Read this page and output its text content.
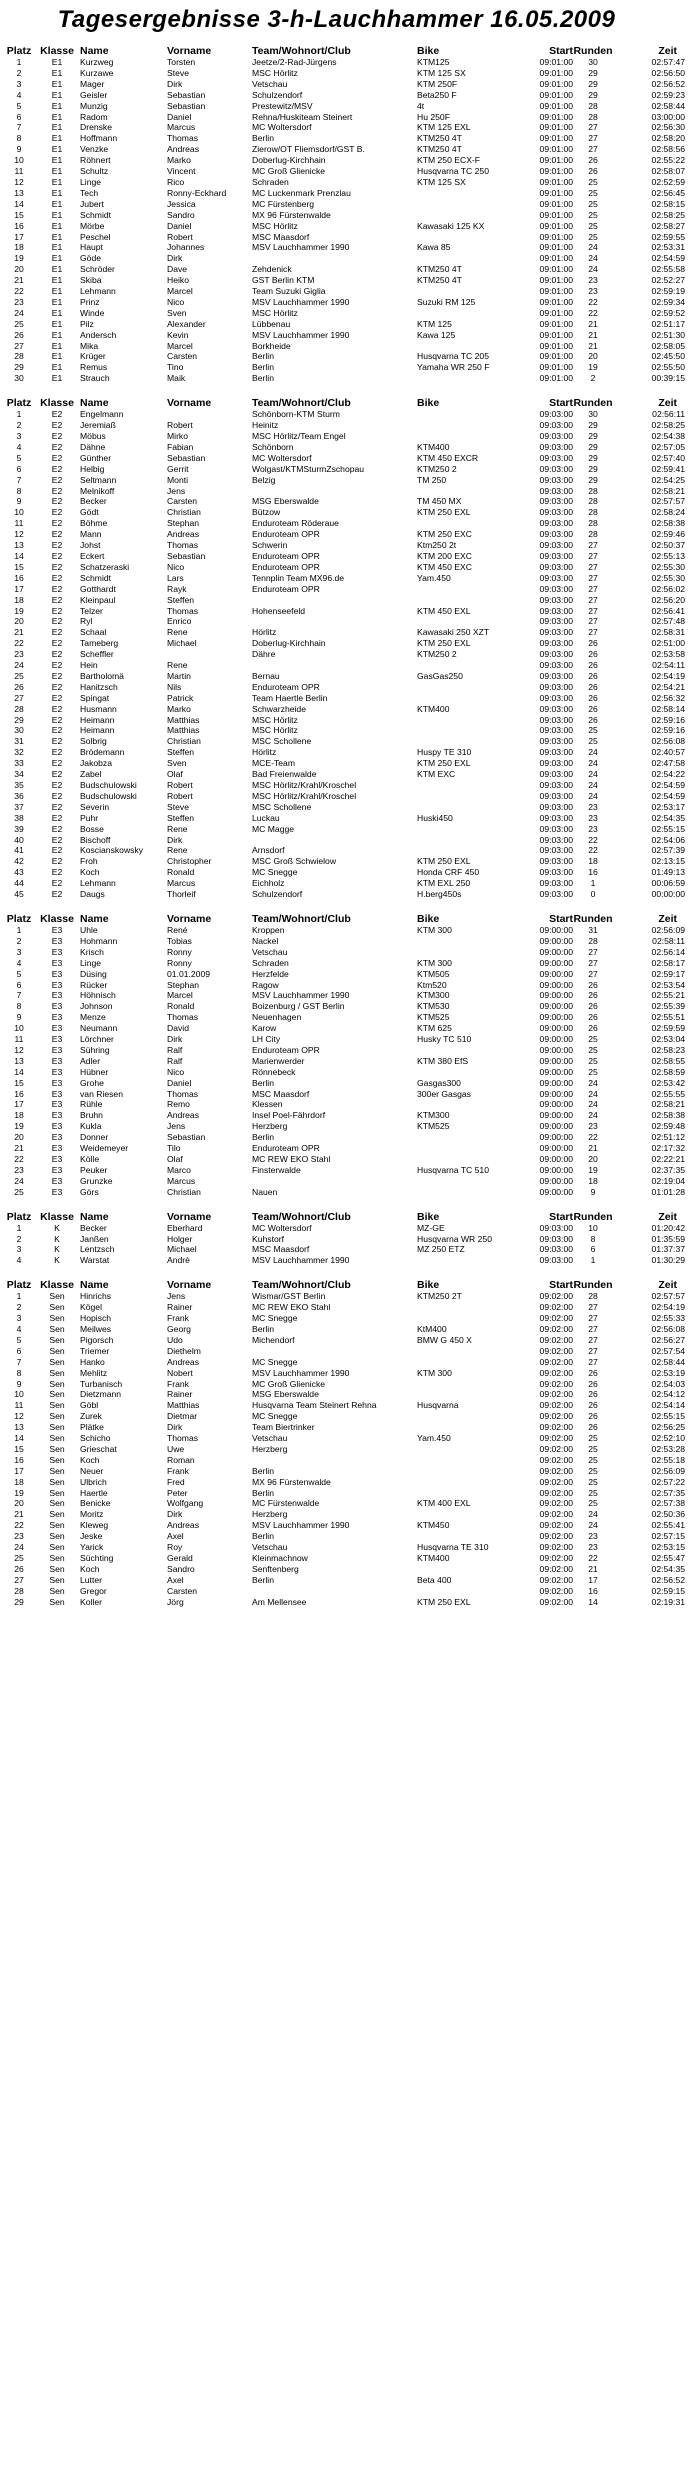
Tagesergebnisse 3-h-Lauchhammer 16.05.2009
Platz	Klasse	Name	Vorname	Team/Wohnort/Club	Bike	Start	Runden	Zeit
1	E1	Kurzweg	Torsten	Jeetze/2-Rad-Jürgens	KTM125	09:01:00	30	02:57:47
2	E1	Kurzawe	Steve	MSC Hörlitz	KTM 125 SX	09:01:00	29	02:56:50
3	E1	Mager	Dirk	Vetschau	KTM 250F	09:01:00	29	02:56:52
4	E1	Geisler	Sebastian	Schulzendorf	Beta250 F	09:01:00	29	02:59:23
5	E1	Munzig	Sebastian	Prestewitz/MSV	4t	09:01:00	28	02:58:44
6	E1	Radom	Daniel	Rehna/Huskiteam Steinert	Hu 250F	09:01:00	28	03:00:00
7	E1	Drenske	Marcus	MC Woltersdorf	KTM 125 EXL	09:01:00	27	02:56:30
8	E1	Hoffmann	Thomas	Berlin	KTM250 4T	09:01:00	27	02:58:20
9	E1	Venzke	Andreas	Zierow/OT Fliemsdorf/GST B.	KTM250 4T	09:01:00	27	02:58:56
10	E1	Röhnert	Marko	Doberlug-Kirchhain	KTM 250 ECX-F	09:01:00	26	02:55:22
11	E1	Schultz	Vincent	MC Groß Glienicke	Husqvarna TC 250	09:01:00	26	02:58:07
12	E1	Linge	Rico	Schraden	KTM 125 SX	09:01:00	25	02:52:59
13	E1	Tech	Ronny-Eckhard	MC Luckenmark Prenzlau		09:01:00	25	02:56:45
14	E1	Jubert	Jessica	MC Fürstenberg		09:01:00	25	02:58:15
15	E1	Schmidt	Sandro	MX 96 Fürstenwalde		09:01:00	25	02:58:25
16	E1	Mörbe	Daniel	MSC Hörlitz	Kawasaki 125 KX	09:01:00	25	02:58:27
17	E1	Peschel	Robert	MSC Maasdorf		09:01:00	25	02:59:55
18	E1	Haupt	Johannes	MSV Lauchhammer 1990	Kawa 85	09:01:00	24	02:53:31
19	E1	Göde	Dirk			09:01:00	24	02:54:59
20	E1	Schröder	Dave	Zehdenick	KTM250 4T	09:01:00	24	02:55:58
21	E1	Skiba	Heiko	GST Berlin KTM	KTM250 4T	09:01:00	23	02:52:27
22	E1	Lehmann	Marcel	Team Suzuki Giglia		09:01:00	23	02:59:19
23	E1	Prinz	Nico	MSV Lauchhammer 1990	Suzuki RM 125	09:01:00	22	02:59:34
24	E1	Winde	Sven	MSC Hörlitz		09:01:00	22	02:59:52
25	E1	Pilz	Alexander	Lübbenau	KTM 125	09:01:00	21	02:51:17
26	E1	Andersch	Kevin	MSV Lauchhammer 1990	Kawa 125	09:01:00	21	02:51:30
27	E1	Mika	Marcel	Borkheide		09:01:00	21	02:58:05
28	E1	Krüger	Carsten	Berlin	Husqvarna TC 205	09:01:00	20	02:45:50
29	E1	Remus	Tino	Berlin	Yamaha WR 250 F	09:01:00	19	02:55:50
30	E1	Strauch	Maik	Berlin		09:01:00	2	00:39:15
Platz	Klasse	Name	Vorname	Team/Wohnort/Club	Bike	Start	Runden	Zeit
1	E2	Engelmann		Schönborn-KTM Sturm		09:03:00	30	02:56:11
2	E2	Jeremiaß	Robert	Heinitz		09:03:00	29	02:58:25
3	E2	Möbus	Mirko	MSC Hörlitz/Team Engel		09:03:00	29	02:54:38
4	E2	Dähne	Fabian	Schönborn	KTM400	09:03:00	29	02:57:05
5	E2	Günther	Sebastian	MC Woltersdorf	KTM 450 EXCR	09:03:00	29	02:57:40
6	E2	Helbig	Gerrit	Wolgast/KTMSturmZschopau	KTM250 2	09:03:00	29	02:59:41
7	E2	Seltmann	Monti	Belzig	TM 250	09:03:00	29	02:54:25
8	E2	Melnikoff	Jens			09:03:00	28	02:58:21
9	E2	Becker	Carsten	MSG Eberswalde	TM 450 MX	09:03:00	28	02:57:57
10	E2	Gödt	Christian	Bützow	KTM 250 EXL	09:03:00	28	02:58:24
11	E2	Böhme	Stephan	Enduroteam Röderaue		09:03:00	28	02:58:38
12	E2	Mann	Andreas	Enduroteam OPR	KTM 250 EXC	09:03:00	28	02:59:46
13	E2	Johst	Thomas	Schwerin	Ktm250 2t	09:03:00	27	02:50:37
14	E2	Eckert	Sebastian	Enduroteam OPR	KTM 200 EXC	09:03:00	27	02:55:13
15	E2	Schatzeraski	Nico	Enduroteam OPR	KTM 450 EXC	09:03:00	27	02:55:30
16	E2	Schmidt	Lars	Tennplin Team MX96.de	Yam.450	09:03:00	27	02:55:30
17	E2	Gotthardt	Rayk	Enduroteam OPR		09:03:00	27	02:56:02
18	E2	Kleinpaul	Steffen			09:03:00	27	02:56:20
19	E2	Telzer	Thomas	Hohenseefeld	KTM 450 EXL	09:03:00	27	02:56:41
20	E2	Ryl	Enrico			09:03:00	27	02:57:48
21	E2	Schaal	Rene	Hörlitz	Kawasaki 250 XZT	09:03:00	27	02:58:31
22	E2	Tameberg	Michael	Doberlug-Kirchhain	KTM 250 EXL	09:03:00	26	02:51:00
23	E2	Scheffler		Dähre	KTM250 2	09:03:00	26	02:53:58
24	E2	Hein	Rene			09:03:00	26	02:54:11
25	E2	Bartholomä	Martin	Bernau	GasGas250	09:03:00	26	02:54:19
26	E2	Hanitzsch	Nils	Enduroteam OPR		09:03:00	26	02:54:21
27	E2	Spingat	Patrick	Team Haertle Berlin		09:03:00	26	02:56:32
28	E2	Husmann	Marko	Schwarzheide	KTM400	09:03:00	26	02:58:14
29	E2	Heimann	Matthias	MSC Hörlitz		09:03:00	26	02:59:16
30	E2	Heimann	Matthias	MSC Hörlitz		09:03:00	25	02:59:16
31	E2	Solbrig	Christian	MSC Schollene		09:03:00	25	02:56:08
32	E2	Brödemann	Steffen	Hörlitz	Huspy TE 310	09:03:00	24	02:40:57
33	E2	Jakobza	Sven	MCE-Team	KTM 250 EXL	09:03:00	24	02:47:58
34	E2	Zabel	Olaf	Bad Freienwalde	KTM EXC	09:03:00	24	02:54:22
35	E2	Budschulowski	Robert	MSC Hörlitz/Krahl/Kroschel		09:03:00	24	02:54:59
36	E2	Budschulowski	Robert	MSC Hörlitz/Krahl/Kroschel		09:03:00	24	02:54:59
37	E2	Severin	Steve	MSC Schollene		09:03:00	23	02:53:17
38	E2	Puhr	Steffen	Luckau	Huski450	09:03:00	23	02:54:35
39	E2	Bosse	Rene	MC Magge		09:03:00	23	02:55:15
40	E2	Bischoff	Dirk			09:03:00	22	02:54:06
41	E2	Koscianskowsky	Rene	Arnsdorf		09:03:00	22	02:57:39
42	E2	Froh	Christopher	MSC Groß Schwielow	KTM 250 EXL	09:03:00	18	02:13:15
43	E2	Koch	Ronald	MC Snegge	Honda CRF 450	09:03:00	16	01:49:13
44	E2	Lehmann	Marcus	Eichholz	KTM EXL 250	09:03:00	1	00:06:59
45	E2	Daugs	Thorleif	Schulzendorf	H.berg450s	09:03:00	0	00:00:00
Platz	Klasse	Name	Vorname	Team/Wohnort/Club	Bike	Start	Runden	Zeit
1	E3	Uhle	René	Kroppen	KTM 300	09:00:00	31	02:56:09
2	E3	Hohmann	Tobias	Nackel		09:00:00	28	02:58:11
3	E3	Krisch	Ronny	Vetschau		09:00:00	27	02:56:14
4	E3	Linge	Ronny	Schraden	KTM 300	09:00:00	27	02:58:17
5	E3	Düsing	01.01.2009	Herzfelde	KTM505	09:00:00	27	02:59:17
6	E3	Rücker	Stephan	Ragow	Ktm520	09:00:00	26	02:53:54
7	E3	Höhnisch	Marcel	MSV Lauchhammer 1990	KTM300	09:00:00	26	02:55:21
8	E3	Johnson	Ronald	Boizenburg / GST Berlin	KTM530	09:00:00	26	02:55:39
9	E3	Menze	Thomas	Neuenhagen	KTM525	09:00:00	26	02:55:51
10	E3	Neumann	David	Karow	KTM 625	09:00:00	26	02:59:59
11	E3	Lörchner	Dirk	LH City	Husky TC 510	09:00:00	25	02:53:04
12	E3	Sühring	Ralf	Enduroteam OPR		09:00:00	25	02:58:23
13	E3	Adler	Ralf	Marienwerder	KTM 380 EfS	09:00:00	25	02:58:55
14	E3	Hübner	Nico	Rönnebeck		09:00:00	25	02:58:59
15	E3	Grohe	Daniel	Berlin	Gasgas300	09:00:00	24	02:53:42
16	E3	van Riesen	Thomas	MSC Maasdorf	300er Gasgas	09:00:00	24	02:55:55
17	E3	Rühle	Remo	Klessen		09:00:00	24	02:58:21
18	E3	Bruhn	Andreas	Insel Poel-Fährdorf	KTM300	09:00:00	24	02:58:38
19	E3	Kukla	Jens	Herzberg	KTM525	09:00:00	23	02:59:48
20	E3	Donner	Sebastian	Berlin		09:00:00	22	02:51:12
21	E3	Weidemeyer	Tilo	Enduroteam OPR		09:00:00	21	02:17:32
22	E3	Kölle	Olaf	MC REW EKO Stahl		09:00:00	20	02:22:21
23	E3	Peuker	Marco	Finsterwalde	Husqvarna TC 510	09:00:00	19	02:37:35
24	E3	Grunzke	Marcus			09:00:00	18	02:19:04
25	E3	Görs	Christian	Nauen		09:00:00	9	01:01:28
Platz	Klasse	Name	Vorname	Team/Wohnort/Club	Bike	Start	Runden	Zeit
1	K	Becker	Eberhard	MC Woltersdorf	MZ-GE	09:03:00	10	01:20:42
2	K	Janßen	Holger	Kuhstorf	Husqvarna WR 250	09:03:00	8	01:35:59
3	K	Lentzsch	Michael	MSC Maasdorf	MZ 250 ETZ	09:03:00	6	01:37:37
4	K	Warstat	Andrè	MSV Lauchhammer 1990		09:03:00	1	01:30:29
Platz	Klasse	Name	Vorname	Team/Wohnort/Club	Bike	Start	Runden	Zeit
1	Sen	Hinrichs	Jens	Wismar/GST Berlin	KTM250 2T	09:02:00	28	02:57:57
2	Sen	Kögel	Rainer	MC REW EKO Stahl		09:02:00	27	02:54:19
3	Sen	Hopisch	Frank	MC Snegge		09:02:00	27	02:55:33
4	Sen	Meilwes	Georg	Berlin	KtM400	09:02:00	27	02:56:08
5	Sen	Pigorsch	Udo	Michendorf	BMW G 450 X	09:02:00	27	02:56:27
6	Sen	Triemer	Diethelm			09:02:00	27	02:57:54
7	Sen	Hanko	Andreas	MC Snegge		09:02:00	27	02:58:44
8	Sen	Mehlitz	Nobert	MSV Lauchhammer 1990	KTM 300	09:02:00	26	02:53:19
9	Sen	Turbanisch	Frank	MC Groß Glienicke		09:02:00	26	02:54:03
10	Sen	Dietzmann	Rainer	MSG Eberswalde		09:02:00	26	02:54:12
11	Sen	Göbl	Matthias	Husqvarna Team Steinert Rehna	Husqvarna	09:02:00	26	02:54:14
12	Sen	Zurek	Dietmar	MC Snegge		09:02:00	26	02:55:15
13	Sen	Plätke	Dirk	Team Biertrinker		09:02:00	26	02:56:25
14	Sen	Schicho	Thomas	Vetschau	Yam.450	09:02:00	25	02:52:10
15	Sen	Grieschat	Uwe	Herzberg		09:02:00	25	02:53:28
16	Sen	Koch	Roman			09:02:00	25	02:55:18
17	Sen	Neuer	Frank	Berlin		09:02:00	25	02:56:09
18	Sen	Ulbrich	Fred	MX 96 Fürstenwalde		09:02:00	25	02:57:22
19	Sen	Haertle	Peter	Berlin		09:02:00	25	02:57:35
20	Sen	Benicke	Wolfgang	MC Fürstenwalde	KTM 400 EXL	09:02:00	25	02:57:38
21	Sen	Moritz	Dirk	Herzberg		09:02:00	24	02:50:36
22	Sen	Kleweg	Andreas	MSV Lauchhammer 1990	KTM450	09:02:00	24	02:55:41
23	Sen	Jeske	Axel	Berlin		09:02:00	23	02:57:15
24	Sen	Yarick	Roy	Vetschau	Husqvarna TE 310	09:02:00	23	02:53:15
25	Sen	Süchting	Gerald	Kleinmachnow	KTM400	09:02:00	22	02:55:47
26	Sen	Koch	Sandro	Senftenberg		09:02:00	21	02:54:35
27	Sen	Lutter	Axel	Berlin	Beta 400	09:02:00	17	02:56:52
28	Sen	Gregor	Carsten			09:02:00	16	02:59:15
29	Sen	Koller	Jörg	Am Mellensee	KTM 250 EXL	09:02:00	14	02:19:31
